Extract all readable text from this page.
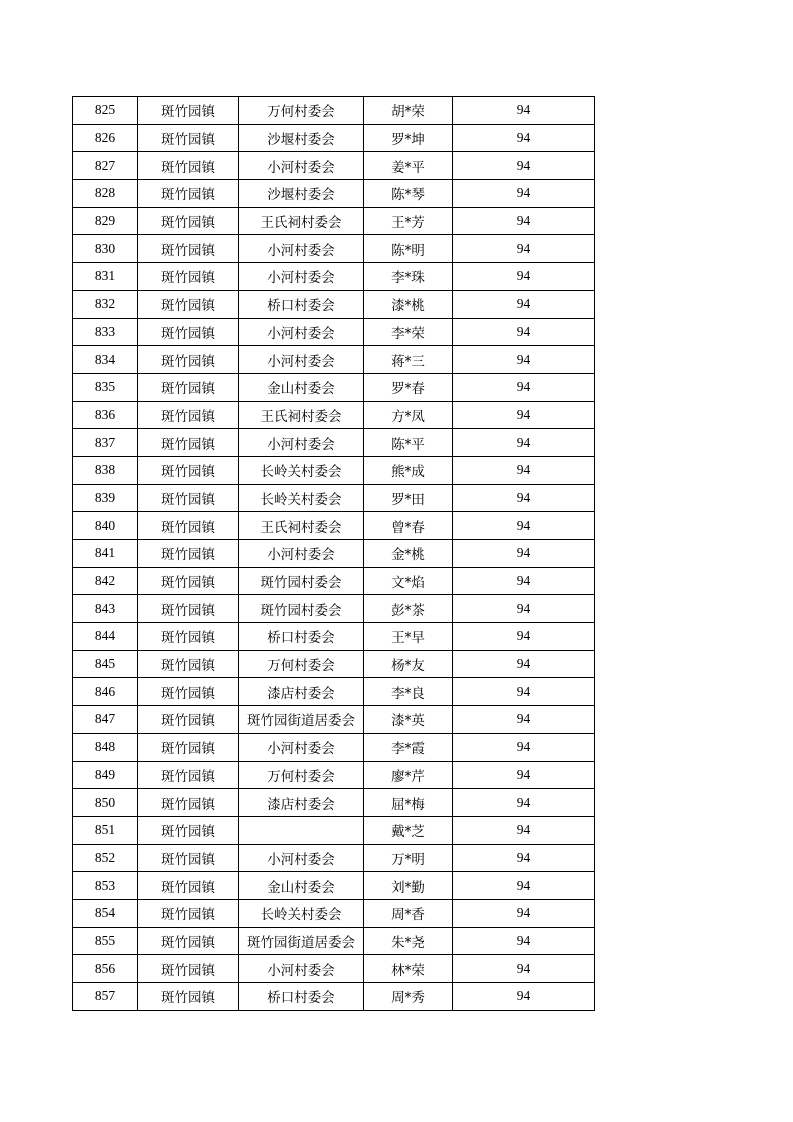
825	斑竹园镇	万何村委会	胡*荣	94
826	斑竹园镇	沙堰村委会	罗*坤	94
827	斑竹园镇	小河村委会	姜*平	94
828	斑竹园镇	沙堰村委会	陈*琴	94
829	斑竹园镇	王氏祠村委会	王*芳	94
830	斑竹园镇	小河村委会	陈*明	94
831	斑竹园镇	小河村委会	李*珠	94
832	斑竹园镇	桥口村委会	漆*桃	94
833	斑竹园镇	小河村委会	李*荣	94
834	斑竹园镇	小河村委会	蒋*三	94
835	斑竹园镇	金山村委会	罗*春	94
836	斑竹园镇	王氏祠村委会	方*凤	94
837	斑竹园镇	小河村委会	陈*平	94
838	斑竹园镇	长岭关村委会	熊*成	94
839	斑竹园镇	长岭关村委会	罗*田	94
840	斑竹园镇	王氏祠村委会	曾*春	94
841	斑竹园镇	小河村委会	金*桃	94
842	斑竹园镇	斑竹园村委会	文*焰	94
843	斑竹园镇	斑竹园村委会	彭*茶	94
844	斑竹园镇	桥口村委会	王*早	94
845	斑竹园镇	万何村委会	杨*友	94
846	斑竹园镇	漆店村委会	李*良	94
847	斑竹园镇	斑竹园街道居委会	漆*英	94
848	斑竹园镇	小河村委会	李*霞	94
849	斑竹园镇	万何村委会	廖*芹	94
850	斑竹园镇	漆店村委会	屈*梅	94
851	斑竹园镇		戴*芝	94
852	斑竹园镇	小河村委会	万*明	94
853	斑竹园镇	金山村委会	刘*勤	94
854	斑竹园镇	长岭关村委会	周*香	94
855	斑竹园镇	斑竹园街道居委会	朱*尧	94
856	斑竹园镇	小河村委会	林*荣	94
857	斑竹园镇	桥口村委会	周*秀	94
